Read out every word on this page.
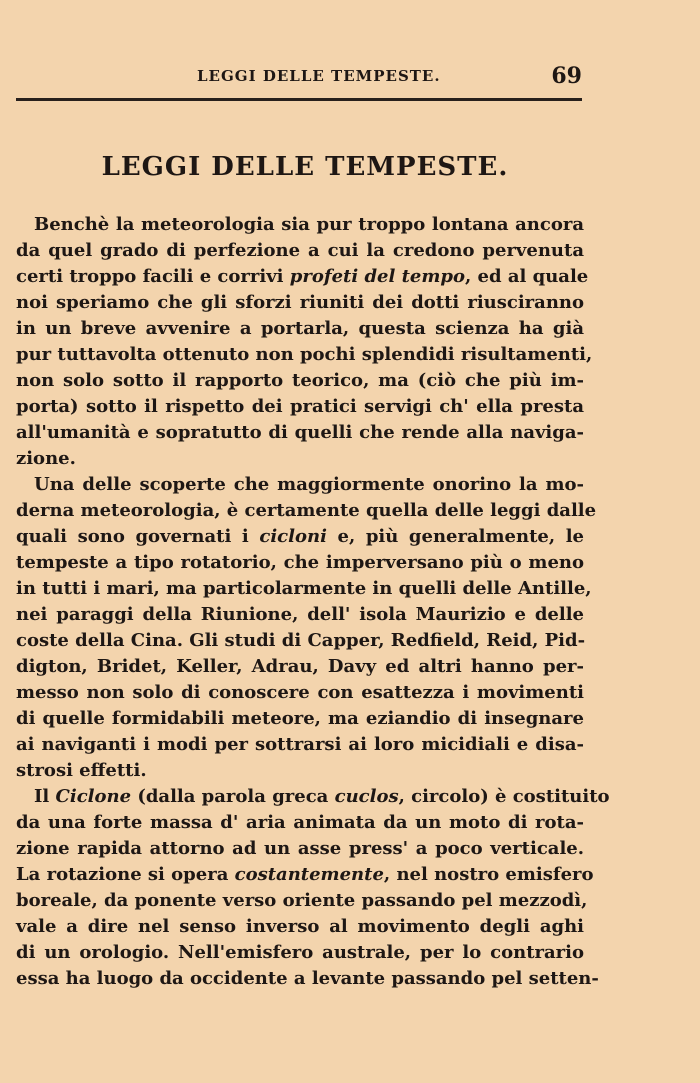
LEGGI DELLE TEMPESTE.	69
LEGGI DELLE TEMPESTE.
Benchè la meteorologia sia pur troppo lontana ancora
da quel grado di perfezione a cui la credono pervenuta
certi troppo facili e corrivi profeti del tempo, ed al quale
noi speriamo che gli sforzi riuniti dei dotti riusciranno
in un breve avvenire a portarla, questa scienza ha già
pur tuttavolta ottenuto non pochi splendidi risultamenti,
non solo sotto il rapporto teorico, ma (ciò che più im-
porta) sotto il rispetto dei pratici servigi ch' ella presta
all'umanità e sopratutto di quelli che rende alla naviga-
zione.
Una delle scoperte che maggiormente onorino la mo-
derna meteorologia, è certamente quella delle leggi dalle
quali sono governati i cicloni e, più generalmente, le
tempeste a tipo rotatorio, che imperversano più o meno
in tutti i mari, ma particolarmente in quelli delle Antille,
nei paraggi della Riunione, dell' isola Maurizio e delle
coste della Cina. Gli studi di Capper, Redfield, Reid, Pid-
digton, Bridet, Keller, Adrau, Davy ed altri hanno per-
messo non solo di conoscere con esattezza i movimenti
di quelle formidabili meteore, ma eziandio di insegnare
ai naviganti i modi per sottrarsi ai loro micidiali e disa-
strosi effetti.
Il Ciclone (dalla parola greca cuclos, circolo) è costituito
da una forte massa d' aria animata da un moto di rota-
zione rapida attorno ad un asse press' a poco verticale.
La rotazione si opera costantemente, nel nostro emisfero
boreale, da ponente verso oriente passando pel mezzodì,
vale a dire nel senso inverso al movimento degli aghi
di un orologio. Nell'emisfero australe, per lo contrario
essa ha luogo da occidente a levante passando pel setten-
